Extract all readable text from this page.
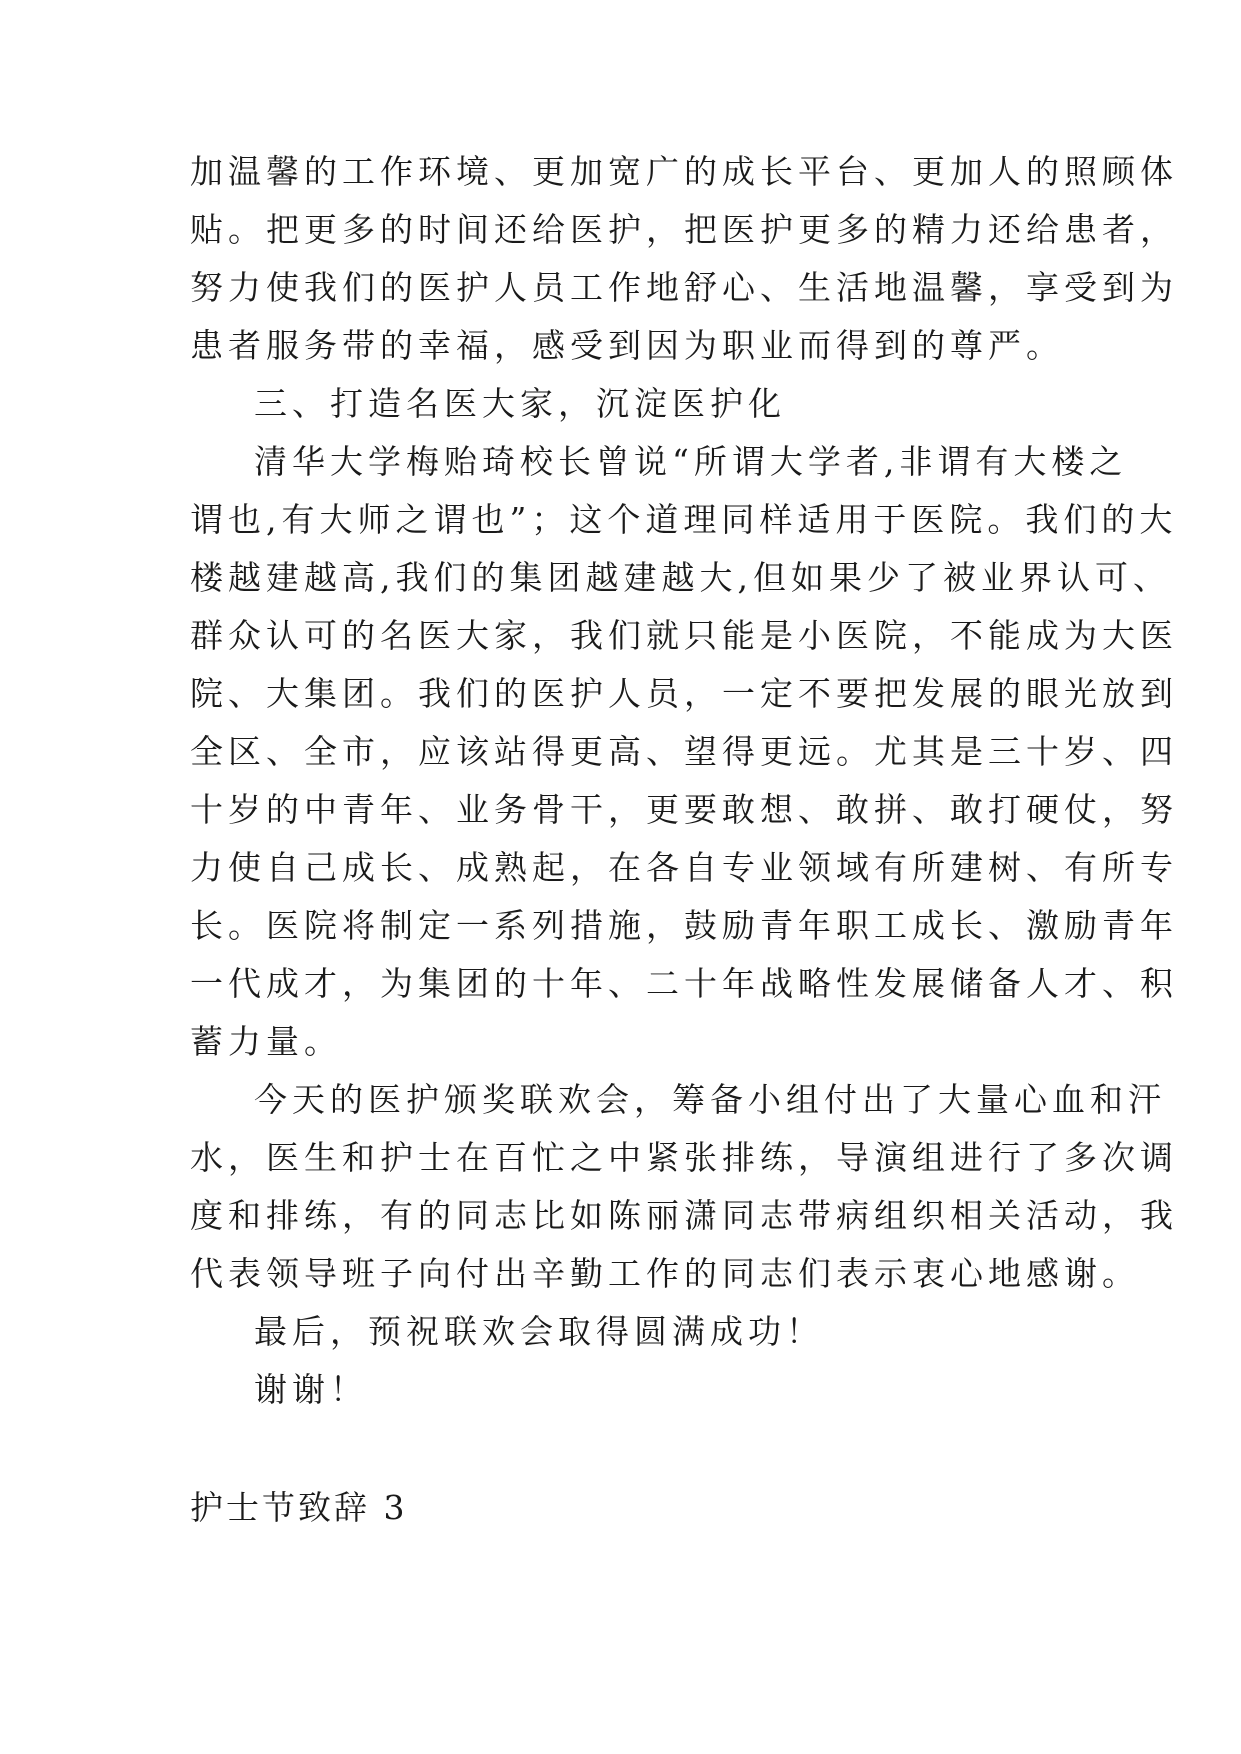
加温馨的工作环境、更加宽广的成长平台、更加人的照顾体
贴。把更多的时间还给医护，把医护更多的精力还给患者，
努力使我们的医护人员工作地舒心、生活地温馨，享受到为
患者服务带的幸福，感受到因为职业而得到的尊严。
三、打造名医大家，沉淀医护化
清华大学梅贻琦校长曾说“所谓大学者,非谓有大楼之
谓也,有大师之谓也”；这个道理同样适用于医院。我们的大
楼越建越高,我们的集团越建越大,但如果少了被业界认可、
群众认可的名医大家，我们就只能是小医院，不能成为大医
院、大集团。我们的医护人员，一定不要把发展的眼光放到
全区、全市，应该站得更高、望得更远。尤其是三十岁、四
十岁的中青年、业务骨干，更要敢想、敢拼、敢打硬仗，努
力使自己成长、成熟起，在各自专业领域有所建树、有所专
长。医院将制定一系列措施，鼓励青年职工成长、激励青年
一代成才，为集团的十年、二十年战略性发展储备人才、积
蓄力量。
今天的医护颁奖联欢会，筹备小组付出了大量心血和汗
水，医生和护士在百忙之中紧张排练，导演组进行了多次调
度和排练，有的同志比如陈丽潇同志带病组织相关活动，我
代表领导班子向付出辛勤工作的同志们表示衷心地感谢。
最后，预祝联欢会取得圆满成功！
谢谢！
护士节致辞 3
